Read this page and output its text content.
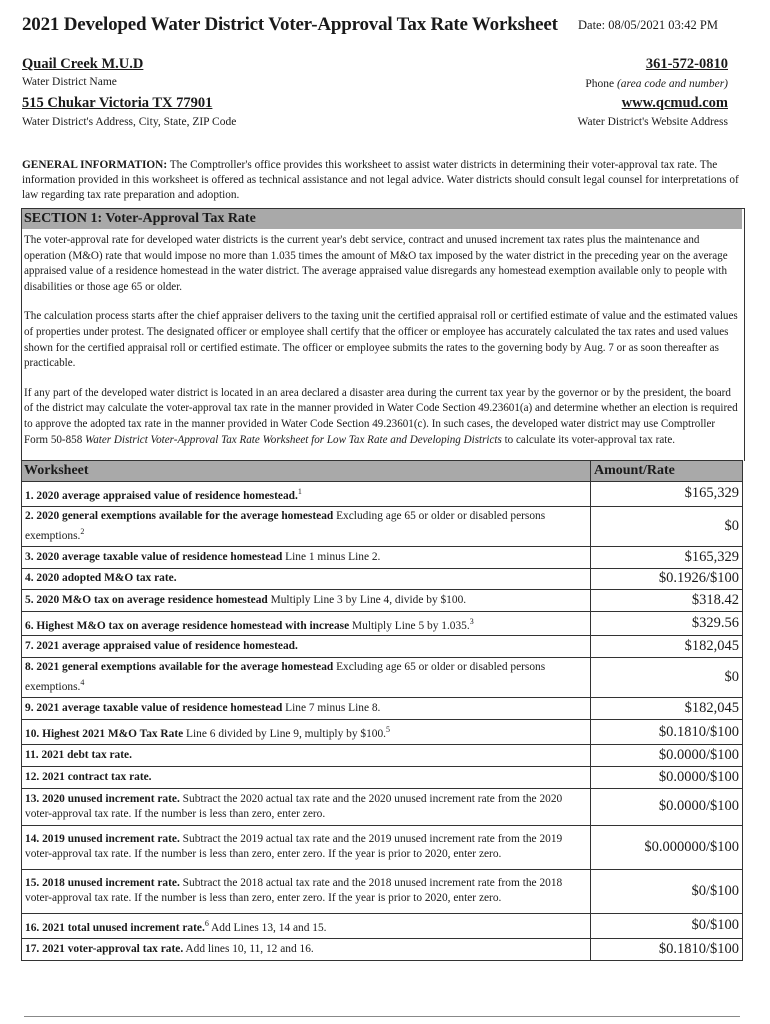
2021 Developed Water District Voter-Approval Tax Rate Worksheet Date: 08/05/2021 03:42 PM
Quail Creek M.U.D
Water District Name
361-572-0810
Phone (area code and number)
515 Chukar Victoria TX 77901
Water District's Address, City, State, ZIP Code
www.qcmud.com
Water District's Website Address
GENERAL INFORMATION: The Comptroller's office provides this worksheet to assist water districts in determining their voter-approval tax rate. The information provided in this worksheet is offered as technical assistance and not legal advice. Water districts should consult legal counsel for interpretations of law regarding tax rate preparation and adoption.
SECTION 1: Voter-Approval Tax Rate

The voter-approval rate for developed water districts is the current year's debt service, contract and unused increment tax rates plus the maintenance and operation (M&O) rate that would impose no more than 1.035 times the amount of M&O tax imposed by the water district in the preceding year on the average appraised value of a residence homestead in the water district. The average appraised value disregards any homestead exemption available only to people with disabilities or those age 65 or older.

The calculation process starts after the chief appraiser delivers to the taxing unit the certified appraisal roll or certified estimate of value and the estimated values of properties under protest. The designated officer or employee shall certify that the officer or employee has accurately calculated the tax rates and used values shown for the certified appraisal roll or certified estimate. The officer or employee submits the rates to the governing body by Aug. 7 or as soon thereafter as practicable.

If any part of the developed water district is located in an area declared a disaster area during the current tax year by the governor or by the president, the board of the district may calculate the voter-approval tax rate in the manner provided in Water Code Section 49.23601(a) and determine whether an election is required to approve the adopted tax rate in the manner provided in Water Code Section 49.23601(c). In such cases, the developed water district may use Comptroller Form 50-858 Water District Voter-Approval Tax Rate Worksheet for Low Tax Rate and Developing Districts to calculate its voter-approval tax rate.

Worksheet	Amount/Rate
1. 2020 average appraised value of residence homestead.$^1$	$165,329
2. 2020 general exemptions available for the average homestead Excluding age 65 or older or disabled persons exemptions.$^2$	$0
3. 2020 average taxable value of residence homestead Line 1 minus Line 2.	$165,329
4. 2020 adopted M&O tax rate.	$0.1926/$100
5. 2020 M&O tax on average residence homestead Multiply Line 3 by Line 4, divide by $100.	$318.42
6. Highest M&O tax on average residence homestead with increase Multiply Line 5 by 1.035.$^3$	$329.56
7. 2021 average appraised value of residence homestead.	$182,045
8. 2021 general exemptions available for the average homestead Excluding age 65 or older or disabled persons exemptions.$^4$	$0
9. 2021 average taxable value of residence homestead Line 7 minus Line 8.	$182,045
10. Highest 2021 M&O Tax Rate Line 6 divided by Line 9, multiply by $100.$^5$	$0.1810/$100
11. 2021 debt tax rate.	$0.0000/$100
12. 2021 contract tax rate.	$0.0000/$100
13. 2020 unused increment rate. Subtract the 2020 actual tax rate and the 2020 unused increment rate from the 2020 voter-approval tax rate. If the number is less than zero, enter zero.	$0.0000/$100
14. 2019 unused increment rate. Subtract the 2019 actual tax rate and the 2019 unused increment rate from the 2019 voter-approval tax rate. If the number is less than zero, enter zero. If the year is prior to 2020, enter zero.	$0.000000/$100
15. 2018 unused increment rate. Subtract the 2018 actual tax rate and the 2018 unused increment rate from the 2018 voter-approval tax rate. If the number is less than zero, enter zero. If the year is prior to 2020, enter zero.	$0/$100
16. 2021 total unused increment rate.$^6$ Add Lines 13, 14 and 15.	$0/$100
17. 2021 voter-approval tax rate. Add lines 10, 11, 12 and 16.	$0.1810/$100
